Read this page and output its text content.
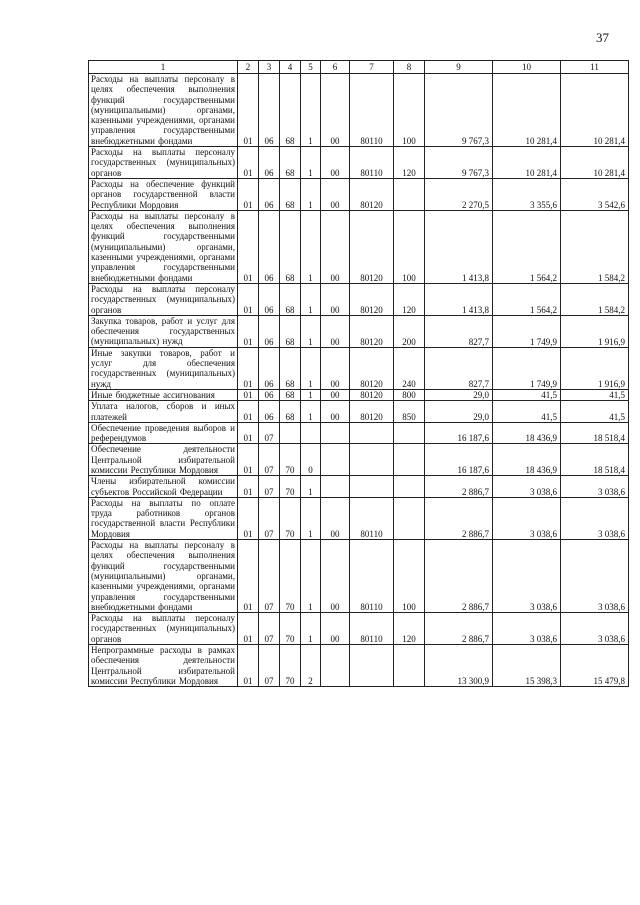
37
1	2	3	4	5	6	7	8	9	10	11
Расходы на выплаты персоналу в целях обеспечения выполнения функций государственными (муниципальными) органами, казенными учреждениями, органами управления государственными внебюджетными фондами	01	06	68	1	00	80110	100	9 767,3	10 281,4	10 281,4
Расходы на выплаты персоналу государственных (муниципальных) органов	01	06	68	1	00	80110	120	9 767,3	10 281,4	10 281,4
Расходы на обеспечение функций органов государственной власти Республики Мордовия	01	06	68	1	00	80120		2 270,5	3 355,6	3 542,6
Расходы на выплаты персоналу в целях обеспечения выполнения функций государственными (муниципальными) органами, казенными учреждениями, органами управления государственными внебюджетными фондами	01	06	68	1	00	80120	100	1 413,8	1 564,2	1 584,2
Расходы на выплаты персоналу государственных (муниципальных) органов	01	06	68	1	00	80120	120	1 413,8	1 564,2	1 584,2
Закупка товаров, работ и услуг для обеспечения государственных (муниципальных) нужд	01	06	68	1	00	80120	200	827,7	1 749,9	1 916,9
Иные закупки товаров, работ и услуг для обеспечения государственных (муниципальных) нужд	01	06	68	1	00	80120	240	827,7	1 749,9	1 916,9
Иные бюджетные ассигнования	01	06	68	1	00	80120	800	29,0	41,5	41,5
Уплата налогов, сборов и иных платежей	01	06	68	1	00	80120	850	29,0	41,5	41,5
Обеспечение проведения выборов и референдумов	01	07						16 187,6	18 436,9	18 518,4
Обеспечение деятельности Центральной избирательной комиссии Республики Мордовия	01	07	70	0				16 187,6	18 436,9	18 518,4
Члены избирательной комиссии субъектов Российской Федерации	01	07	70	1				2 886,7	3 038,6	3 038,6
Расходы на выплаты по оплате труда работников органов государственной власти Республики Мордовия	01	07	70	1	00	80110		2 886,7	3 038,6	3 038,6
Расходы на выплаты персоналу в целях обеспечения выполнения функций государственными (муниципальными) органами, казенными учреждениями, органами управления государственными внебюджетными фондами	01	07	70	1	00	80110	100	2 886,7	3 038,6	3 038,6
Расходы на выплаты персоналу государственных (муниципальных) органов	01	07	70	1	00	80110	120	2 886,7	3 038,6	3 038,6
Непрограммные расходы в рамках обеспечения деятельности Центральной избирательной комиссии Республики Мордовия	01	07	70	2				13 300,9	15 398,3	15 479,8
